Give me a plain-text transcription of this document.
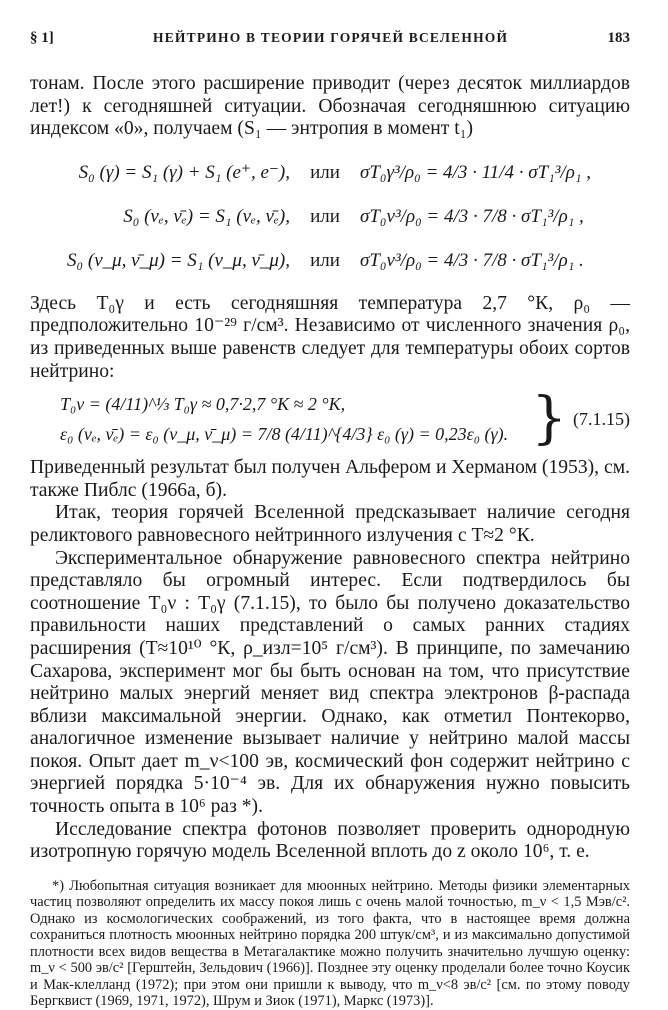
§ 1]	НЕЙТРИНО В ТЕОРИИ ГОРЯЧЕЙ ВСЕЛЕННОЙ	183

тонам. После этого расширение приводит (через десяток миллиардов лет!) к сегодняшней ситуации. Обозначая сегодняшнюю ситуацию индексом «0», получаем (S₁ — энтропия в момент t₁)

S₀ (γ) = S₁ (γ) + S₁ (e⁺, e⁻),	или	σT₀γ³/ρ₀ = 4/3 · 11/4 · σT₁³/ρ₁ ,
S₀ (νₑ, ν̄ₑ) = S₁ (νₑ, ν̄ₑ),	или	σT₀ν³/ρ₀ = 4/3 · 7/8 · σT₁³/ρ₁ ,
S₀ (ν_μ, ν̄_μ) = S₁ (ν_μ, ν̄_μ),	или	σT₀ν³/ρ₀ = 4/3 · 7/8 · σT₁³/ρ₁ .

Здесь T₀γ и есть сегодняшняя температура 2,7 °К, ρ₀ — предположительно 10⁻²⁹ г/см³. Независимо от численного значения ρ₀, из приведенных выше равенств следует для температуры обоих сортов нейтрино:

T₀ν = (4/11)^⅓ T₀γ ≈ 0,7·2,7 °К ≈ 2 °К,
ε₀ (νₑ, ν̄ₑ) = ε₀ (ν_μ, ν̄_μ) = 7/8 (4/11)^{4/3} ε₀ (γ) = 0,23ε₀ (γ). } (7.1.15)

Приведенный результат был получен Альфером и Херманом (1953), см. также Пиблс (1966а, б).

Итак, теория горячей Вселенной предсказывает наличие сегодня реликтового равновесного нейтринного излучения с T≈2 °К.

Экспериментальное обнаружение равновесного спектра нейтрино представляло бы огромный интерес. Если подтвердилось бы соотношение T₀ν : T₀γ (7.1.15), то было бы получено доказательство правильности наших представлений о самых ранних стадиях расширения (T≈10¹⁰ °К, ρ_изл=10⁵ г/см³). В принципе, по замечанию Сахарова, эксперимент мог бы быть основан на том, что присутствие нейтрино малых энергий меняет вид спектра электронов β-распада вблизи максимальной энергии. Однако, как отметил Понтекорво, аналогичное изменение вызывает наличие у нейтрино малой массы покоя. Опыт дает m_ν<100 эв, космический фон содержит нейтрино с энергией порядка 5·10⁻⁴ эв. Для их обнаружения нужно повысить точность опыта в 10⁶ раз *).

Исследование спектра фотонов позволяет проверить однородную изотропную горячую модель Вселенной вплоть до z около 10⁶, т. е.

*) Любопытная ситуация возникает для мюонных нейтрино. Методы физики элементарных частиц позволяют определить их массу покоя лишь с очень малой точностью, m_ν < 1,5 Мэв/c². Однако из космологических соображений, из того факта, что в настоящее время должна сохраниться плотность мюонных нейтрино порядка 200 штук/см³, и из максимально допустимой плотности всех видов вещества в Метагалактике можно получить значительно лучшую оценку: m_ν < 500 эв/c² [Герштейн, Зельдович (1966)]. Позднее эту оценку проделали более точно Коусик и Мак-клелланд (1972); при этом они пришли к выводу, что m_ν<8 эв/c² [см. по этому поводу Бергквист (1969, 1971, 1972), Шрум и Зиок (1971), Маркс (1973)].
